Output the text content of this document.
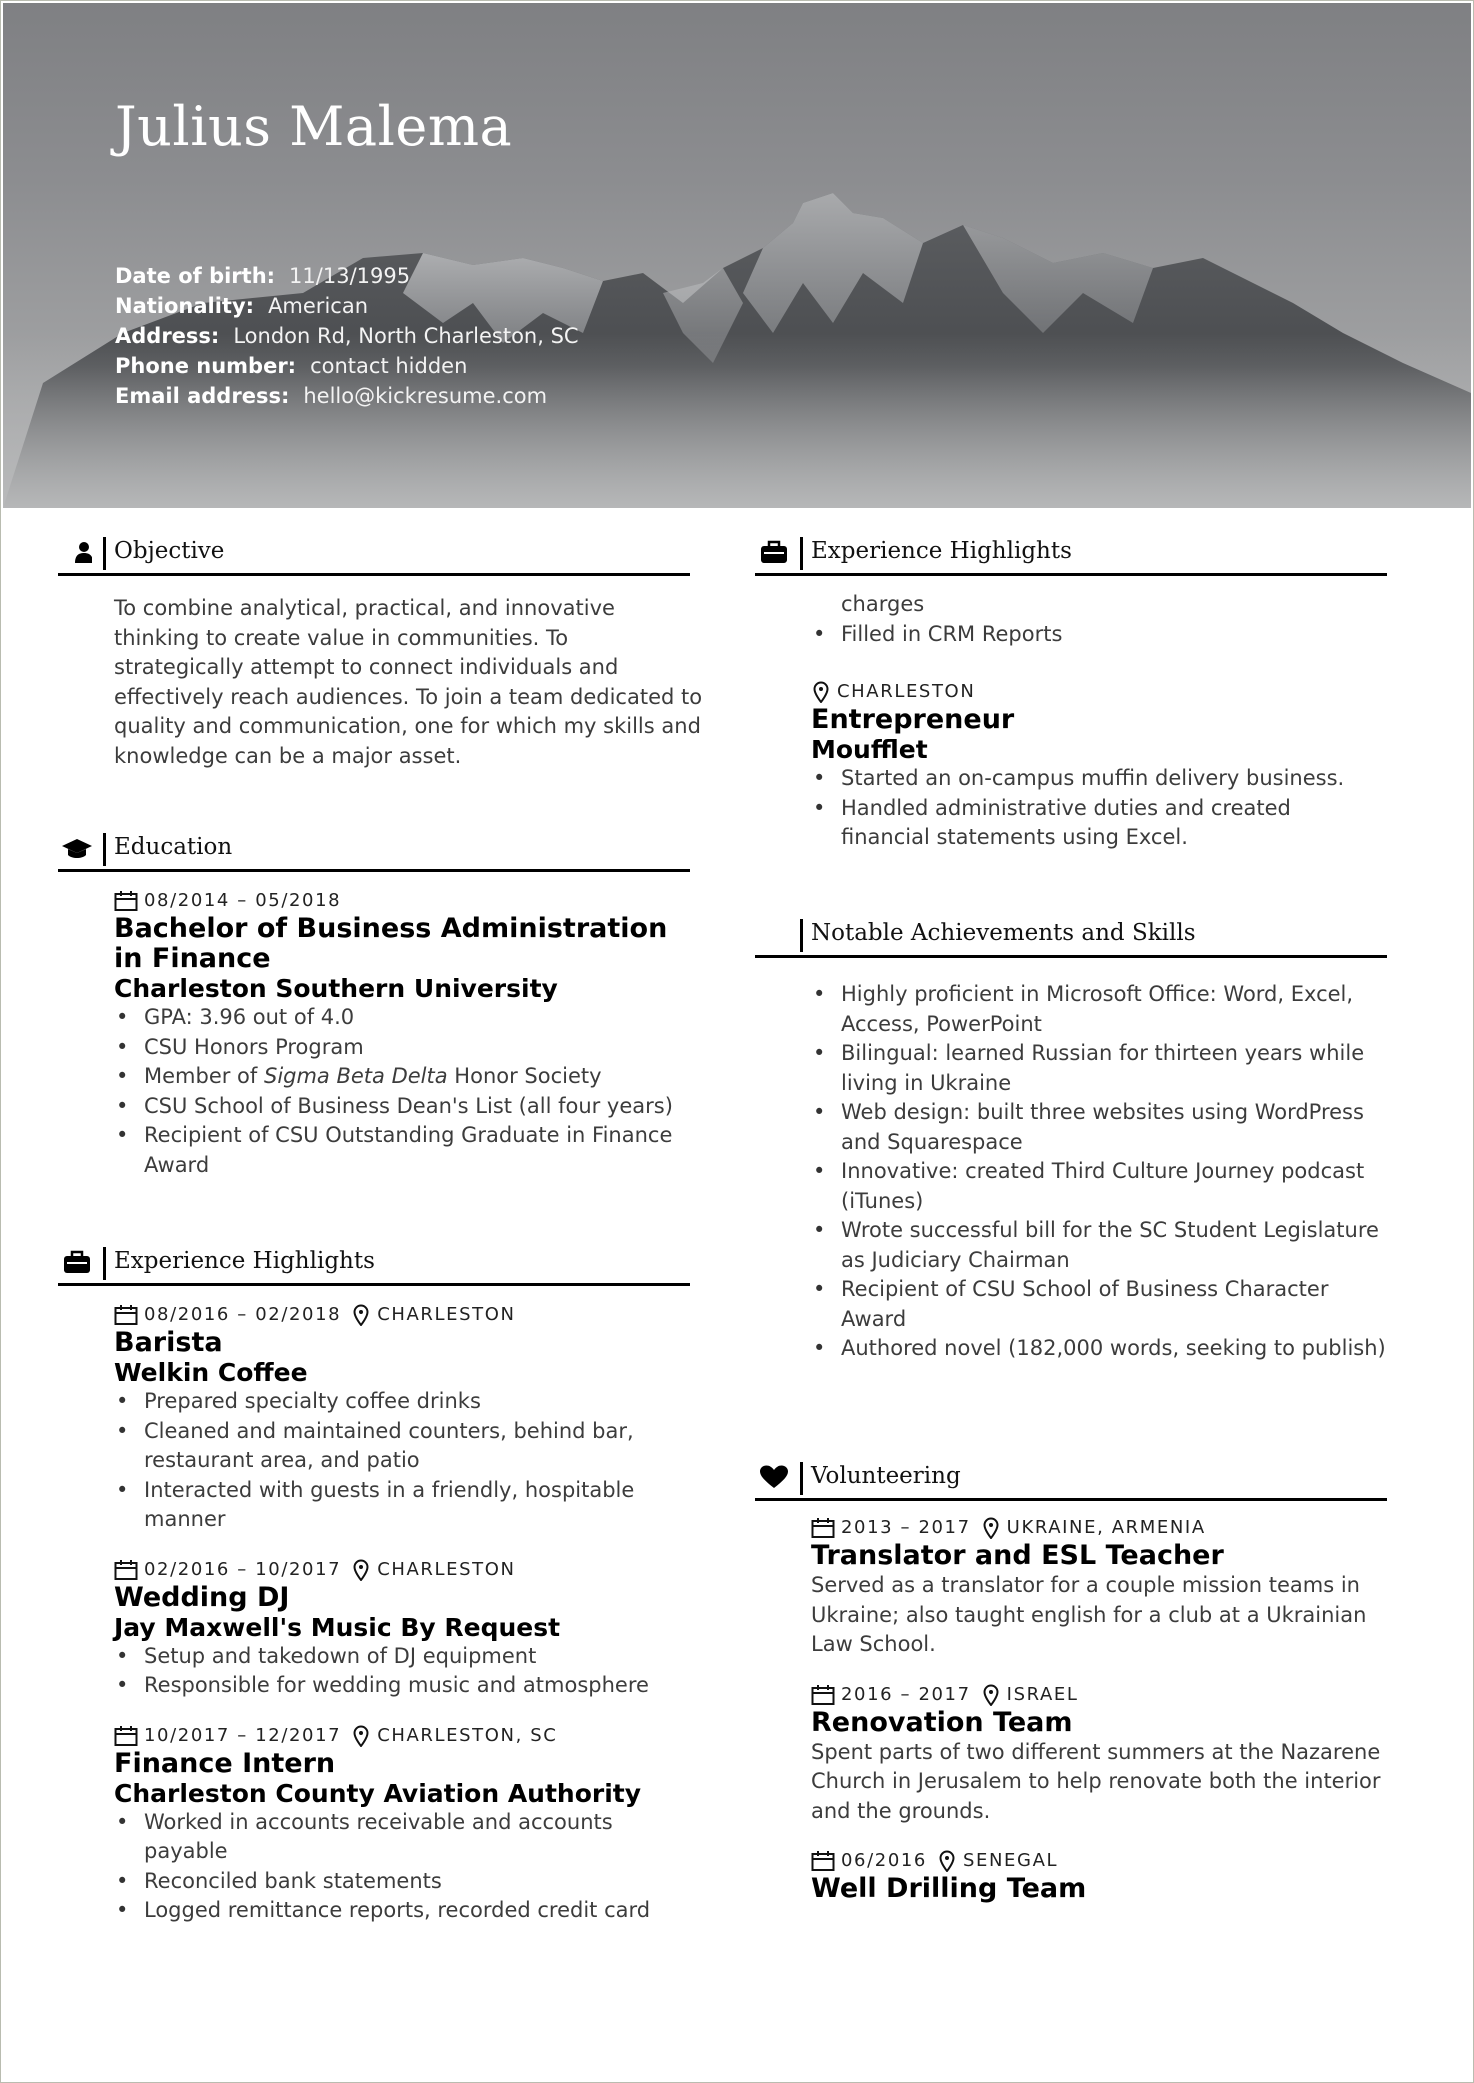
Julius Malema
Date of birth: 11/13/1995
Nationality: American
Address: London Rd, North Charleston, SC
Phone number: contact hidden
Email address: hello@kickresume.com
Objective

To combine analytical, practical, and innovative thinking to create value in communities. To strategically attempt to connect individuals and effectively reach audiences. To join a team dedicated to quality and communication, one for which my skills and knowledge can be a major asset.

Education
08/2014 – 05/2018

Bachelor of Business Administration in Finance

Charleston Southern University

• GPA: 3.96 out of 4.0
• CSU Honors Program
• Member of Sigma Beta Delta Honor Society
• CSU School of Business Dean's List (all four years)
• Recipient of CSU Outstanding Graduate in Finance Award
Experience Highlights
08/2016 – 02/2018 CHARLESTON

Barista

Welkin Coffee

• Prepared specialty coffee drinks
• Cleaned and maintained counters, behind bar, restaurant area, and patio
• Interacted with guests in a friendly, hospitable manner
02/2016 – 10/2017 CHARLESTON

Wedding DJ

Jay Maxwell's Music By Request

• Setup and takedown of DJ equipment
• Responsible for wedding music and atmosphere
10/2017 – 12/2017 CHARLESTON, SC

Finance Intern

Charleston County Aviation Authority

• Worked in accounts receivable and accounts payable
• Reconciled bank statements
• Logged remittance reports, recorded credit card
Experience Highlights
charges
• Filled in CRM Reports
CHARLESTON

Entrepreneur

Moufflet

• Started an on-campus muffin delivery business.
• Handled administrative duties and created financial statements using Excel.
Notable Achievements and Skills
• Highly proficient in Microsoft Office: Word, Excel, Access, PowerPoint
• Bilingual: learned Russian for thirteen years while living in Ukraine
• Web design: built three websites using WordPress and Squarespace
• Innovative: created Third Culture Journey podcast (iTunes)
• Wrote successful bill for the SC Student Legislature as Judiciary Chairman
• Recipient of CSU School of Business Character Award
• Authored novel (182,000 words, seeking to publish)
Volunteering
2013 – 2017 UKRAINE, ARMENIA

Translator and ESL Teacher

Served as a translator for a couple mission teams in Ukraine; also taught english for a club at a Ukrainian Law School.

2016 – 2017 ISRAEL

Renovation Team

Spent parts of two different summers at the Nazarene Church in Jerusalem to help renovate both the interior and the grounds.

06/2016 SENEGAL

Well Drilling Team
